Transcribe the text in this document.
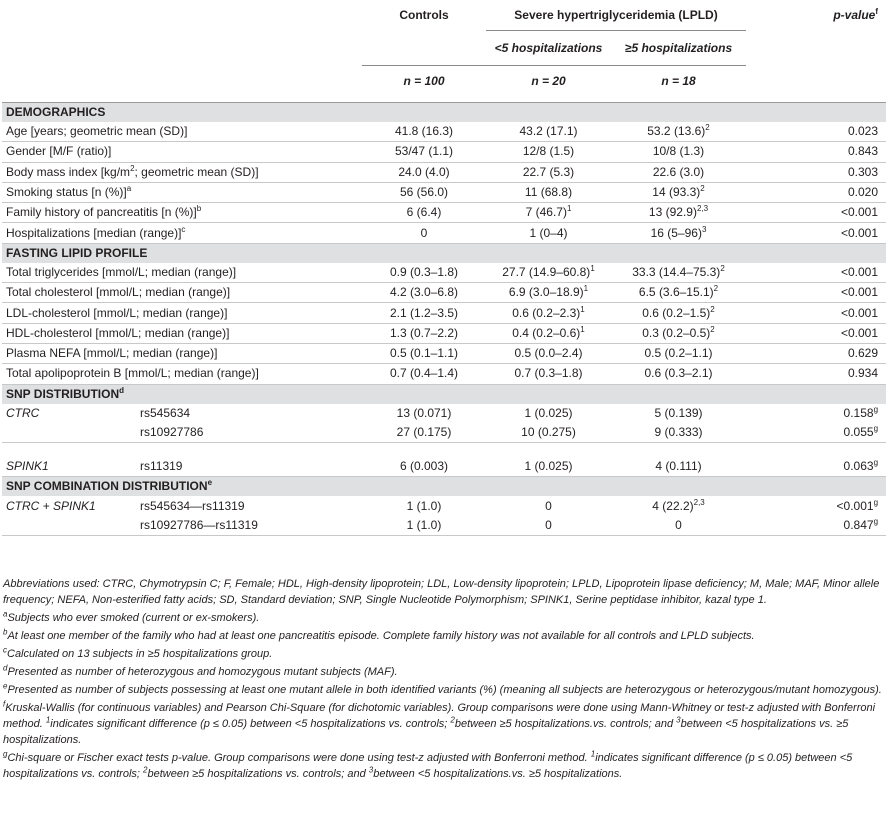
		Controls	Severe hypertriglyceridemia (LPLD)		p-value$^f$
			<5 hospitalizations	≥5 hospitalizations	
		n = 100	n = 20	n = 18	

DEMOGRAPHICS					
Age [years; geometric mean (SD)]		41.8 (16.3)	43.2 (17.1)	53.2 $(13.6)^2$	0.023
Gender [M/F (ratio)]		53/47 (1.1)	12/8 (1.5)	10/8 (1.3)	0.843
Body mass index [$kg/m^2$; geometric mean (SD)]		24.0 (4.0)	22.7 (5.3)	22.6 (3.0)	0.303
Smoking status [n (%)]$^a$		56 (56.0)	11 (68.8)	14 $(93.3)^2$	0.020
Family history of pancreatitis [n (%)]$^b$		6 (6.4)	7 $(46.7)^1$	13 $(92.9)^{2,3}$	<0.001
Hospitalizations [median (range)]$^c$		0	1 (0–4)	16 $(5-96)^3$	<0.001
FASTING LIPID PROFILE					
Total triglycerides [mmol/L; median (range)]		0.9 (0.3–1.8)	27.7 $(14.9-60.8)^1$	33.3 $(14.4-75.3)^2$	<0.001
Total cholesterol [mmol/L; median (range)]		4.2 (3.0–6.8)	6.9 $(3.0-18.9)^1$	6.5 $(3.6-15.1)^2$	<0.001
LDL-cholesterol [mmol/L; median (range)]		2.1 (1.2–3.5)	0.6 $(0.2-2.3)^1$	0.6 $(0.2-1.5)^2$	<0.001
HDL-cholesterol [mmol/L; median (range)]		1.3 (0.7–2.2)	0.4 $(0.2-0.6)^1$	0.3 $(0.2-0.5)^2$	<0.001
Plasma NEFA [mmol/L; median (range)]		0.5 (0.1–1.1)	0.5 (0.0–2.4)	0.5 (0.2–1.1)	0.629
Total apolipoprotein B [mmol/L; median (range)]		0.7 (0.4–1.4)	0.7 (0.3–1.8)	0.6 (0.3–2.1)	0.934
SNP DISTRIBUTION$^d$
CTRC	rs545634	13 (0.071)	1 (0.025)	5 (0.139)	0.158$^g$
	rs10927786	27 (0.175)	10 (0.275)	9 (0.333)	0.055$^g$

SPINK1	rs11319	6 (0.003)	1 (0.025)	4 (0.111)	0.063$^g$
SNP COMBINATION DISTRIBUTION$^e$
CTRC + SPINK1	rs545634—rs11319	1 (1.0)	0	4 $(22.2)^{2,3}$	<0.001$^g$
	rs10927786—rs11319	1 (1.0)	0	0	0.847$^g$

Abbreviations used: CTRC, Chymotrypsin C; F, Female; HDL, High-density lipoprotein; LDL, Low-density lipoprotein; LPLD, Lipoprotein lipase deficiency; M, Male; MAF, Minor allele frequency; NEFA, Non-esterified fatty acids; SD, Standard deviation; SNP, Single Nucleotide Polymorphism; SPINK1, Serine peptidase inhibitor, kazal type 1.

$^a$Subjects who ever smoked (current or ex-smokers).

$^b$At least one member of the family who had at least one pancreatitis episode. Complete family history was not available for all controls and LPLD subjects.

$^c$Calculated on 13 subjects in ≥5 hospitalizations group.

$^d$Presented as number of heterozygous and homozygous mutant subjects (MAF).

$^e$Presented as number of subjects possessing at least one mutant allele in both identified variants (%) (meaning all subjects are heterozygous or heterozygous/mutant homozygous).

$^f$Kruskal-Wallis (for continuous variables) and Pearson Chi-Square (for dichotomic variables). Group comparisons were done using Mann-Whitney or test-z adjusted with Bonferroni method. $^1$indicates significant difference (p ≤ 0.05) between <5 hospitalizations vs. controls; $^2$between ≥5 hospitalizations.vs. controls; and $^3$between <5 hospitalizations vs. ≥5 hospitalizations.

$^g$Chi-square or Fischer exact tests p-value. Group comparisons were done using test-z adjusted with Bonferroni method. $^1$indicates significant difference (p ≤ 0.05) between <5 hospitalizations vs. controls; $^2$between ≥5 hospitalizations vs. controls; and $^3$between <5 hospitalizations.vs. ≥5 hospitalizations.
